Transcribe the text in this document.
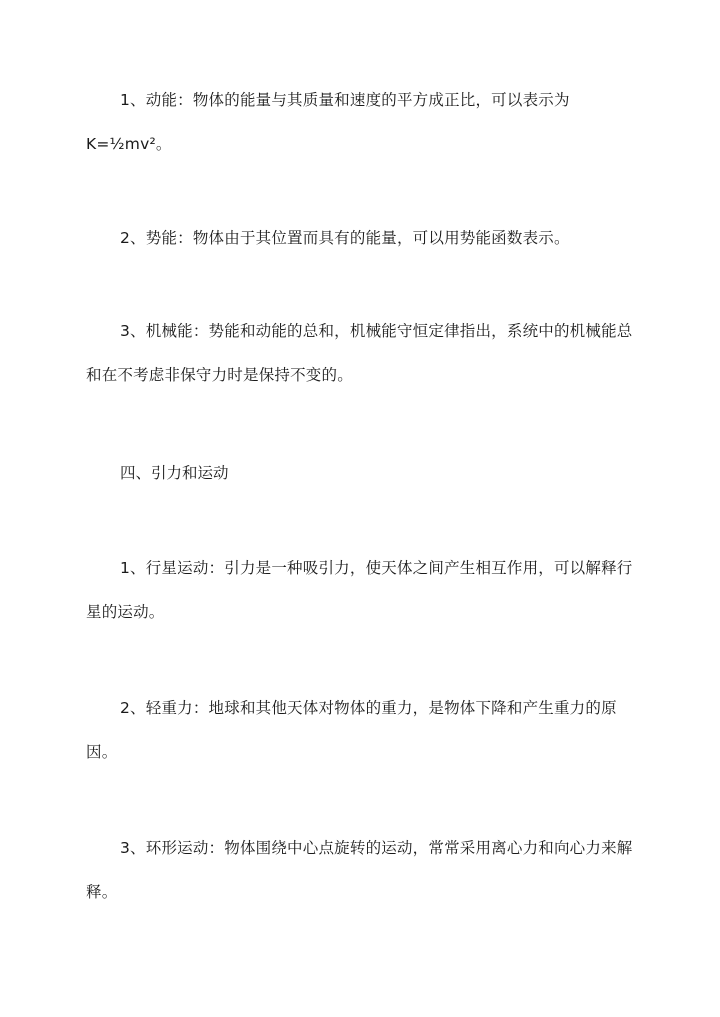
1、动能：物体的能量与其质量和速度的平方成正比，可以表示为K=½mv²。

2、势能：物体由于其位置而具有的能量，可以用势能函数表示。

3、机械能：势能和动能的总和，机械能守恒定律指出，系统中的机械能总和在不考虑非保守力时是保持不变的。

四、引力和运动

1、行星运动：引力是一种吸引力，使天体之间产生相互作用，可以解释行星的运动。

2、轻重力：地球和其他天体对物体的重力，是物体下降和产生重力的原因。

3、环形运动：物体围绕中心点旋转的运动，常常采用离心力和向心力来解释。
